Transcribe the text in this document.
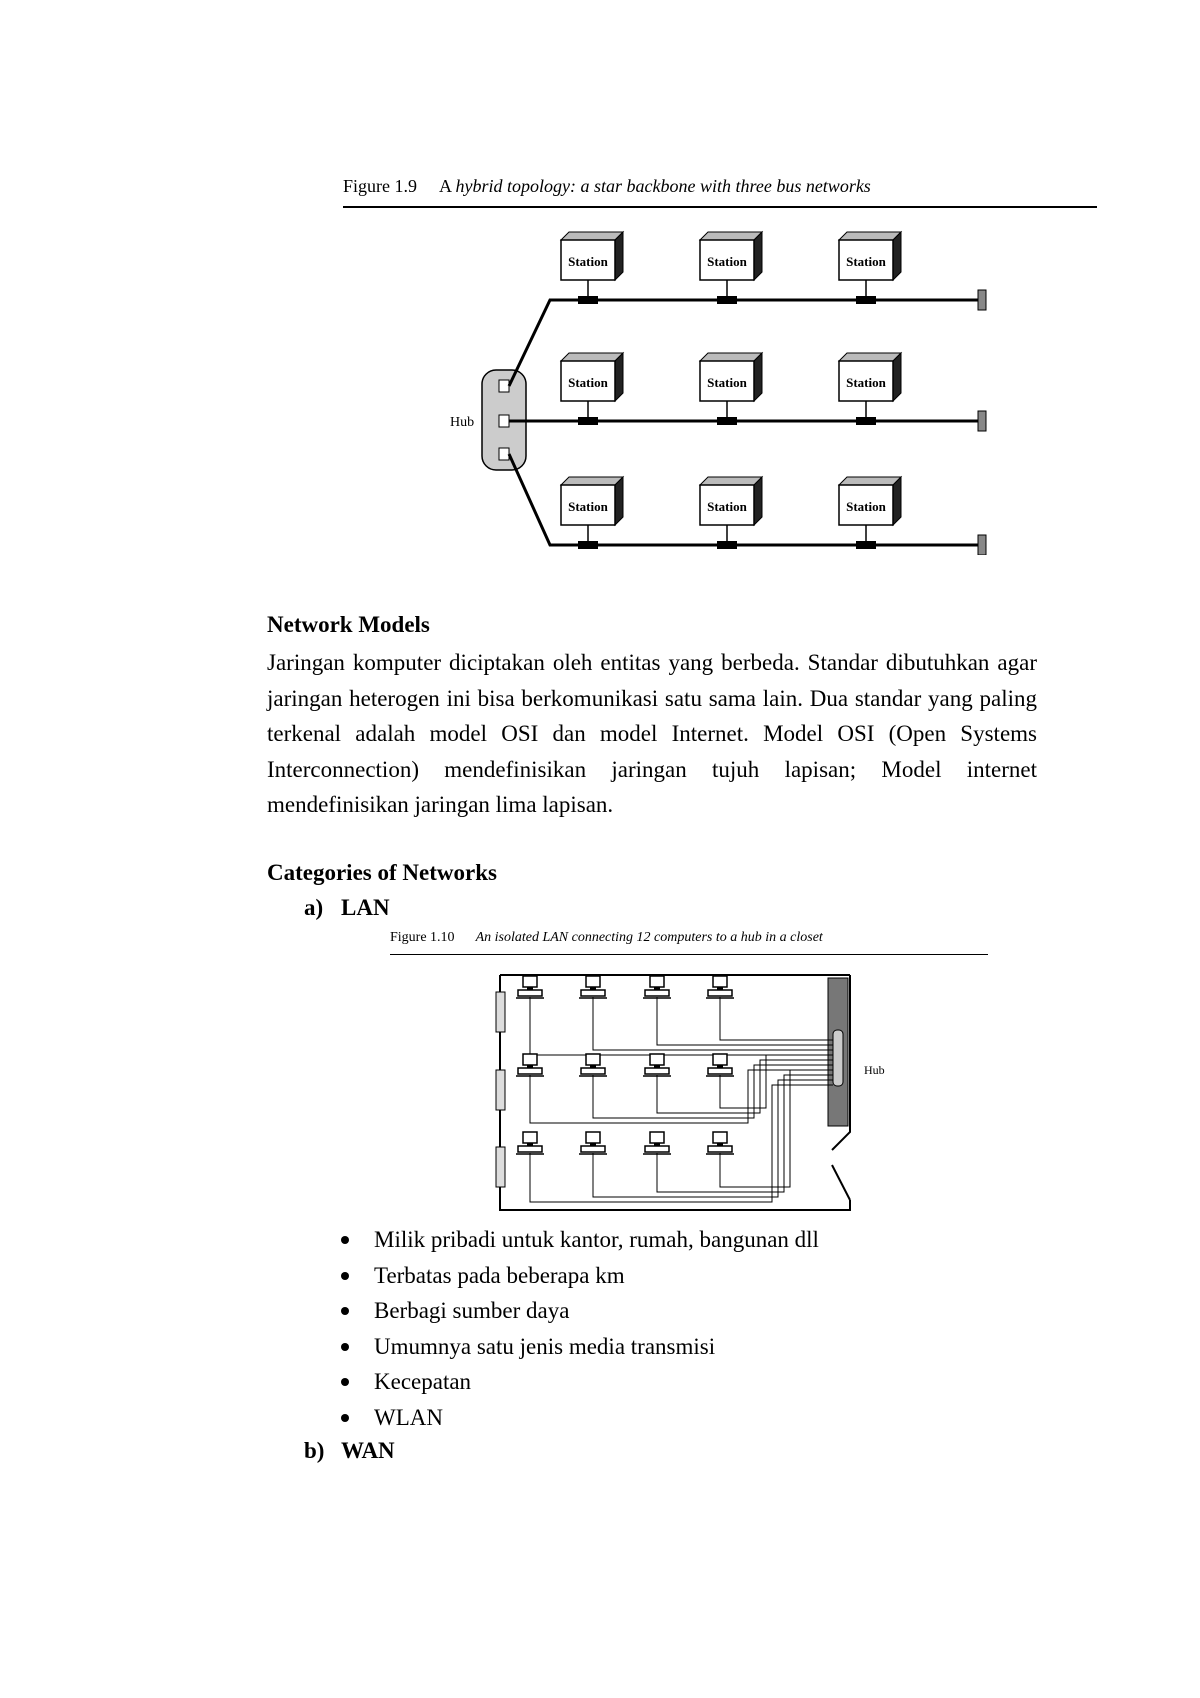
Figure 1.9 A hybrid topology: a star backbone with three bus networks
Hub
Station	Station	Station
Station	Station	Station
Station	Station	Station
Network Models
Jaringan komputer diciptakan oleh entitas yang berbeda. Standar dibutuhkan agar jaringan heterogen ini bisa berkomunikasi satu sama lain. Dua standar yang paling terkenal adalah model OSI dan model Internet. Model OSI (Open Systems Interconnection) mendefinisikan jaringan tujuh lapisan; Model internet mendefinisikan jaringan lima lapisan.
Categories of Networks
a) LAN
Figure 1.10 An isolated LAN connecting 12 computers to a hub in a closet
Hub
Milik pribadi untuk kantor, rumah, bangunan dll
Terbatas pada beberapa km
Berbagi sumber daya
Umumnya satu jenis media transmisi
Kecepatan
WLAN
b) WAN
